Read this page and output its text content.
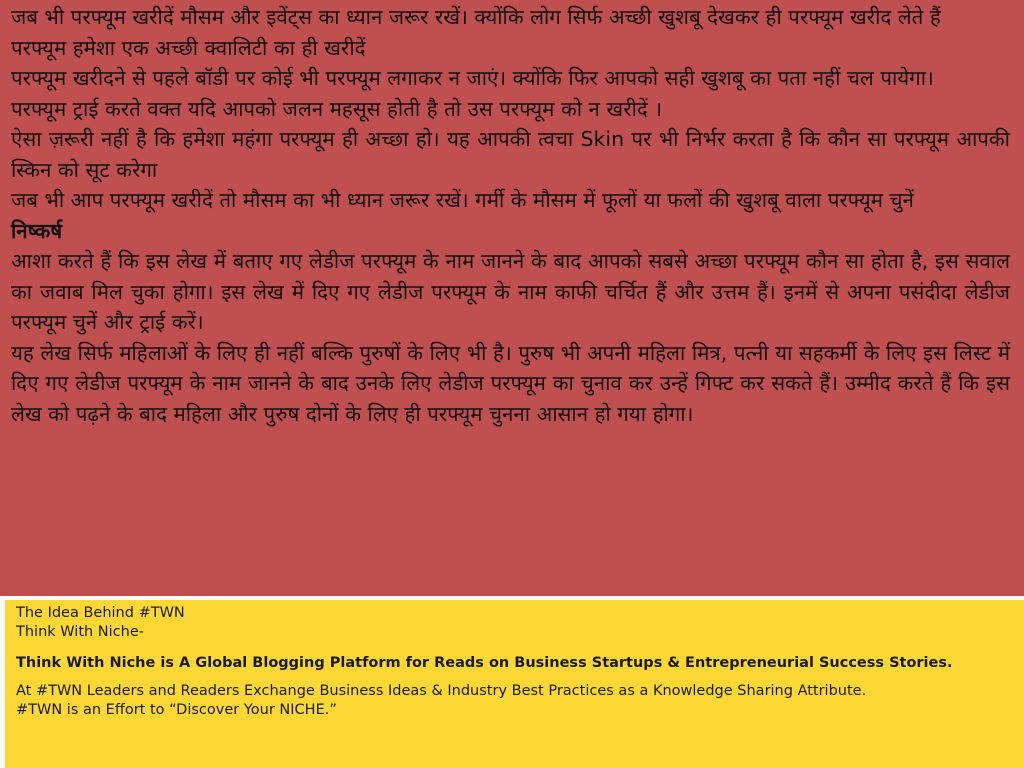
जब भी परफ्यूम खरीदें मौसम और इवेंट्स का ध्यान जरूर रखें। क्योंकि लोग सिर्फ अच्छी खुशबू देखकर ही परफ्यूम खरीद लेते हैं

परफ्यूम हमेशा एक अच्छी क्वालिटी का ही खरीदें

परफ्यूम खरीदने से पहले बॉडी पर कोई भी परफ्यूम लगाकर न जाएं। क्योंकि फिर आपको सही खुशबू का पता नहीं चल पायेगा।

परफ्यूम ट्राई करते वक्त यदि आपको जलन महसूस होती है तो उस परफ्यूम को न खरीदें ।

ऐसा ज़रूरी नहीं है कि हमेशा महंगा परफ्यूम ही अच्छा हो। यह आपकी त्वचा Skin पर भी निर्भर करता है कि कौन सा परफ्यूम आपकी स्किन को सूट करेगा

जब भी आप परफ्यूम खरीदें तो मौसम का भी ध्यान जरूर रखें। गर्मी के मौसम में फूलों या फलों की खुशबू वाला परफ्यूम चुनें

निष्कर्ष

आशा करते हैं कि इस लेख में बताए गए लेडीज परफ्यूम के नाम जानने के बाद आपको सबसे अच्छा परफ्यूम कौन सा होता है, इस सवाल का जवाब मिल चुका होगा। इस लेख में दिए गए लेडीज परफ्यूम के नाम काफी चर्चित हैं और उत्तम हैं। इनमें से अपना पसंदीदा लेडीज परफ्यूम चुनें और ट्राई करें।

यह लेख सिर्फ महिलाओं के लिए ही नहीं बल्कि पुरुषों के लिए भी है। पुरुष भी अपनी महिला मित्र, पत्नी या सहकर्मी के लिए इस लिस्ट में दिए गए लेडीज परफ्यूम के नाम जानने के बाद उनके लिए लेडीज परफ्यूम का चुनाव कर उन्हें गिफ्ट कर सकते हैं। उम्मीद करते हैं कि इस लेख को पढ़ने के बाद महिला और पुरुष दोनों के लिए ही परफ्यूम चुनना आसान हो गया होगा।

The Idea Behind #TWN

Think With Niche-

Think With Niche is A Global Blogging Platform for Reads on Business Startups & Entrepreneurial Success Stories.

At #TWN Leaders and Readers Exchange Business Ideas & Industry Best Practices as a Knowledge Sharing Attribute.

#TWN is an Effort to “Discover Your NICHE.”
